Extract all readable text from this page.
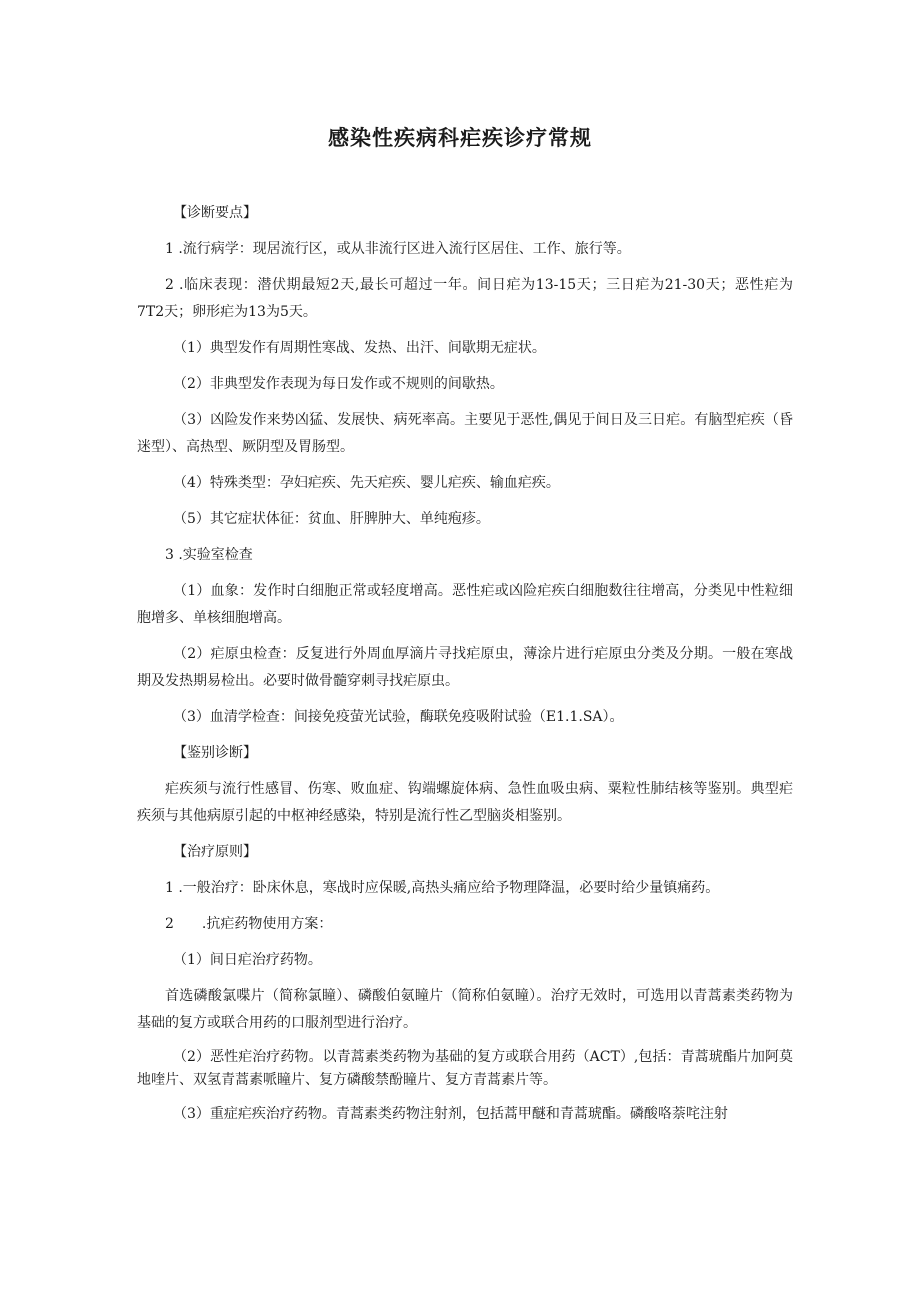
感染性疾病科疟疾诊疗常规

【诊断要点】

1 .流行病学：现居流行区，或从非流行区进入流行区居住、工作、旅行等。

2 .临床表现：潜伏期最短2天,最长可超过一年。间日疟为13-15天；三日疟为21-30天；恶性疟为7T2天；卵形疟为13为5天。

（1）典型发作有周期性寒战、发热、出汗、间歇期无症状。

（2）非典型发作表现为每日发作或不规则的间歇热。

（3）凶险发作来势凶猛、发展快、病死率高。主要见于恶性,偶见于间日及三日疟。有脑型疟疾（昏迷型）、高热型、厥阴型及胃肠型。

（4）特殊类型：孕妇疟疾、先天疟疾、婴儿疟疾、输血疟疾。

（5）其它症状体征：贫血、肝脾肿大、单纯疱疹。

3 .实验室检查

（1）血象：发作时白细胞正常或轻度增高。恶性疟或凶险疟疾白细胞数往往增高，分类见中性粒细胞增多、单核细胞增高。

（2）疟原虫检查：反复进行外周血厚滴片寻找疟原虫，薄涂片进行疟原虫分类及分期。一般在寒战期及发热期易检出。必要时做骨髓穿刺寻找疟原虫。

（3）血清学检查：间接免疫萤光试验，酶联免疫吸附试验（E1.1.SA）。

【鉴别诊断】

疟疾须与流行性感冒、伤寒、败血症、钩端螺旋体病、急性血吸虫病、粟粒性肺结核等鉴别。典型疟疾须与其他病原引起的中枢神经感染，特别是流行性乙型脑炎相鉴别。

【治疗原则】

1 .一般治疗：卧床休息，寒战时应保暖,高热头痛应给予物理降温，必要时给少量镇痛药。

2　　.抗疟药物使用方案：

（1）间日疟治疗药物。

首选磷酸氯喋片（简称氯瞳）、磷酸伯氨瞳片（简称伯氨瞳）。治疗无效时，可选用以青蒿素类药物为基础的复方或联合用药的口服剂型进行治疗。

（2）恶性疟治疗药物。以青蒿素类药物为基础的复方或联合用药（ACT）,包括：青蒿琥酯片加阿莫地喹片、双氢青蒿素哌瞳片、复方磷酸禁酚瞳片、复方青蒿素片等。

（3）重症疟疾治疗药物。青蒿素类药物注射剂，包括蒿甲醚和青蒿琥酯。磷酸咯萘咤注射
